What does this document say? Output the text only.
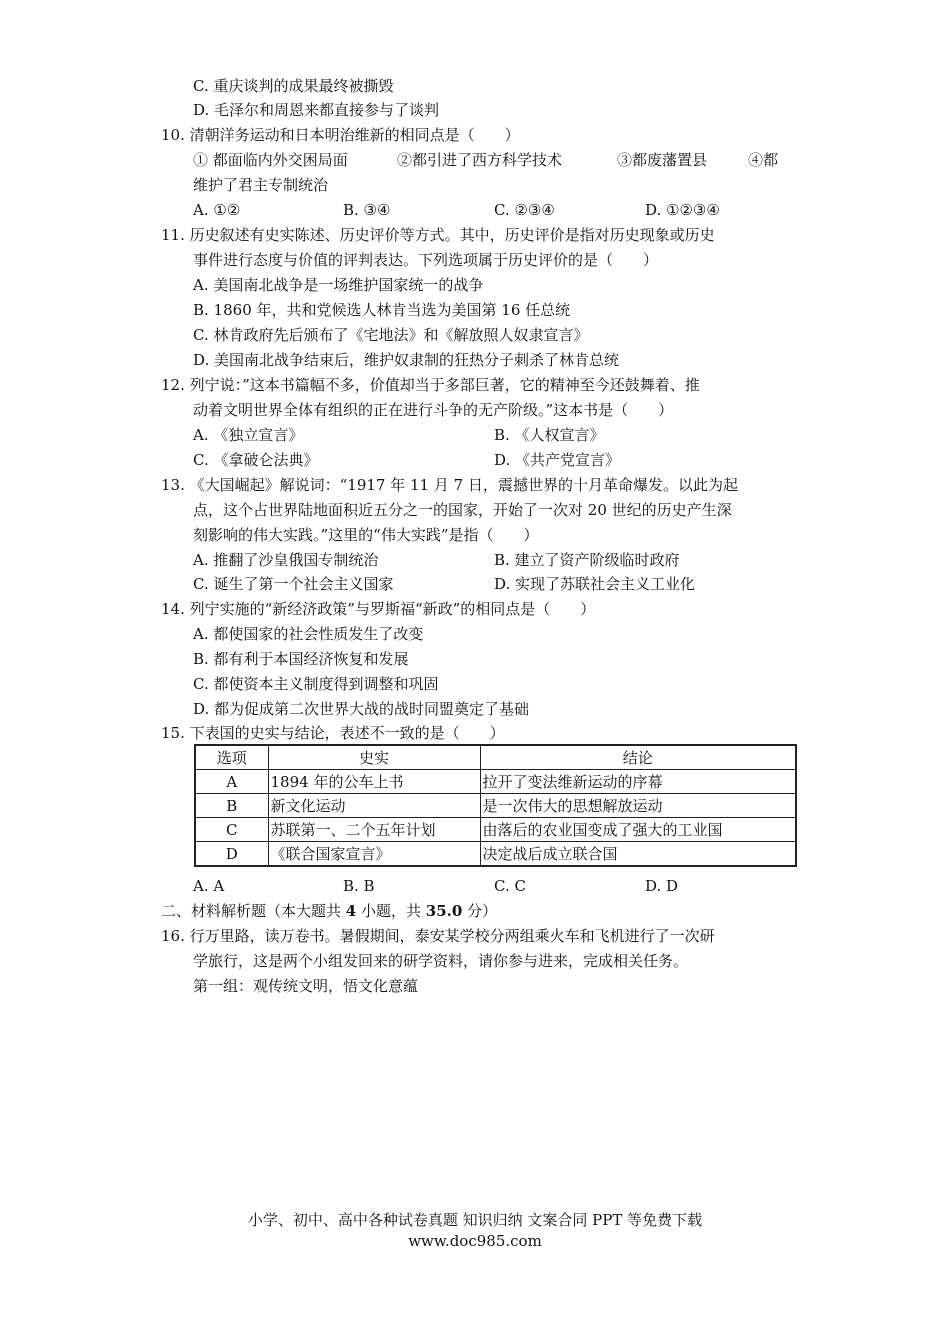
C. 重庆谈判的成果最终被撕毁
D. 毛泽尔和周恩来都直接参与了谈判
10. 清朝洋务运动和日本明治维新的相同点是（　　）
① 都面临内外交困局面	②都引进了西方科学技术	③都废藩置县	④都
维护了君主专制统治
A. ①②	B. ③④	C. ②③④	D. ①②③④
11. 历史叙述有史实陈述、历史评价等方式。其中，历史评价是指对历史现象或历史
事件进行态度与价值的评判表达。下列选项属于历史评价的是（　　）
A. 美国南北战争是一场维护国家统一的战争
B. 1860 年，共和党候选人林肯当选为美国第 16 任总统
C. 林肯政府先后颁布了《宅地法》和《解放照人奴隶宣言》
D. 美国南北战争结束后，维护奴隶制的狂热分子刺杀了林肯总统
12. 列宁说：”这本书篇幅不多，价值却当于多部巨著，它的精神至今还鼓舞着、推
动着文明世界全体有组织的正在进行斗争的无产阶级。”这本书是（　　）
A. 《独立宣言》	B. 《人权宣言》
C. 《拿破仑法典》	D. 《共产党宣言》
13. 《大国崛起》解说词：“1917 年 11 月 7 日，震撼世界的十月革命爆发。以此为起
点，这个占世界陆地面积近五分之一的国家，开始了一次对 20 世纪的历史产生深
刻影响的伟大实践。”这里的“伟大实践”是指（　　）
A. 推翻了沙皇俄国专制统治	B. 建立了资产阶级临时政府
C. 诞生了第一个社会主义国家	D. 实现了苏联社会主义工业化
14. 列宁实施的“新经济政策”与罗斯福“新政”的相同点是（　　）
A. 都使国家的社会性质发生了改变
B. 都有利于本国经济恢复和发展
C. 都使资本主义制度得到调整和巩固
D. 都为促成第二次世界大战的战时同盟奠定了基础
15. 下表国的史实与结论，表述不一致的是（　　）
选项	史实	结论
A	1894 年的公车上书	拉开了变法维新运动的序幕
B	新文化运动	是一次伟大的思想解放运动
C	苏联第一、二个五年计划	由落后的农业国变成了强大的工业国
D	《联合国家宣言》	决定战后成立联合国
A. A	B. B	C. C	D. D
二、材料解析题（本大题共 4 小题，共 35.0 分）
16. 行万里路，读万卷书。暑假期间，泰安某学校分两组乘火车和飞机进行了一次研
学旅行，这是两个小组发回来的研学资料，请你参与进来，完成相关任务。
第一组：观传统文明，悟文化意蕴
小学、初中、高中各种试卷真题 知识归纳 文案合同 PPT 等免费下载
www.doc985.com
